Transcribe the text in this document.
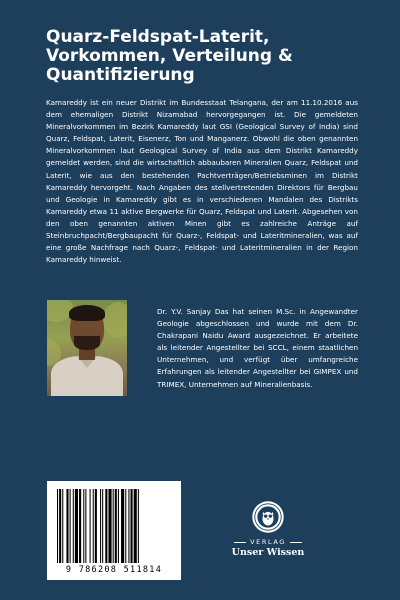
Quarz-Feldspat-Laterit,
Vorkommen, Verteilung &
Quantifizierung

Kamareddy ist ein neuer Distrikt im Bundesstaat Telangana, der am 11.10.2016 aus dem ehemaligen Distrikt Nizamabad hervorgegangen ist. Die gemeldeten Mineralvorkommen im Bezirk Kamareddy laut GSI (Geological Survey of India) sind Quarz, Feldspat, Laterit, Eisenerz, Ton und Manganerz. Obwohl die oben genannten Mineralvorkommen laut Geological Survey of India aus dem Distrikt Kamareddy gemeldet werden, sind die wirtschaftlich abbaubaren Mineralien Quarz, Feldspat und Laterit, wie aus den bestehenden Pachtverträgen/Betriebsminen im Distrikt Kamareddy hervorgeht. Nach Angaben des stellvertretenden Direktors für Bergbau und Geologie in Kamareddy gibt es in verschiedenen Mandalen des Distrikts Kamareddy etwa 11 aktive Bergwerke für Quarz, Feldspat und Laterit. Abgesehen von den oben genannten aktiven Minen gibt es zahlreiche Anträge auf Steinbruchpacht/Bergbaupacht für Quarz-, Feldspat- und Lateritmineralien, was auf eine große Nachfrage nach Quarz-, Feldspat- und Lateritmineralien in der Region Kamareddy hinweist.

Dr. Y.V. Sanjay Das hat seinen M.Sc. in Angewandter Geologie abgeschlossen und wurde mit dem Dr. Chakrapani Naidu Award ausgezeichnet. Er arbeitete als leitender Angestellter bei SCCL, einem staatlichen Unternehmen, und verfügt über umfangreiche Erfahrungen als leitender Angestellter bei GIMPEX und TRIMEX, Unternehmen auf Mineralienbasis.

9 786208 511814
VERLAG
Unser Wissen
